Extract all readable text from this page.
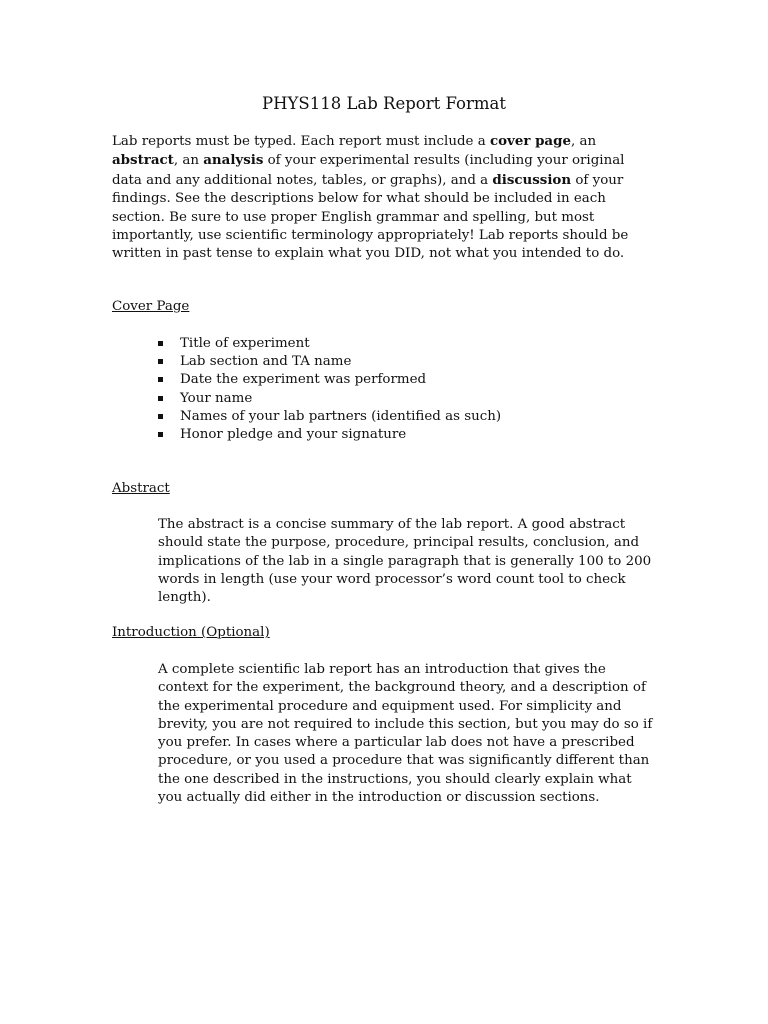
PHYS118 Lab Report Format

Lab reports must be typed. Each report must include a cover page, an abstract, an analysis of your experimental results (including your original data and any additional notes, tables, or graphs), and a discussion of your findings. See the descriptions below for what should be included in each section. Be sure to use proper English grammar and spelling, but most importantly, use scientific terminology appropriately! Lab reports should be written in past tense to explain what you DID, not what you intended to do.

Cover Page

Title of experiment
Lab section and TA name
Date the experiment was performed
Your name
Names of your lab partners (identified as such)
Honor pledge and your signature

Abstract

The abstract is a concise summary of the lab report. A good abstract should state the purpose, procedure, principal results, conclusion, and implications of the lab in a single paragraph that is generally 100 to 200 words in length (use your word processor’s word count tool to check length).

Introduction (Optional)

A complete scientific lab report has an introduction that gives the context for the experiment, the background theory, and a description of the experimental procedure and equipment used. For simplicity and brevity, you are not required to include this section, but you may do so if you prefer. In cases where a particular lab does not have a prescribed procedure, or you used a procedure that was significantly different than the one described in the instructions, you should clearly explain what you actually did either in the introduction or discussion sections.
